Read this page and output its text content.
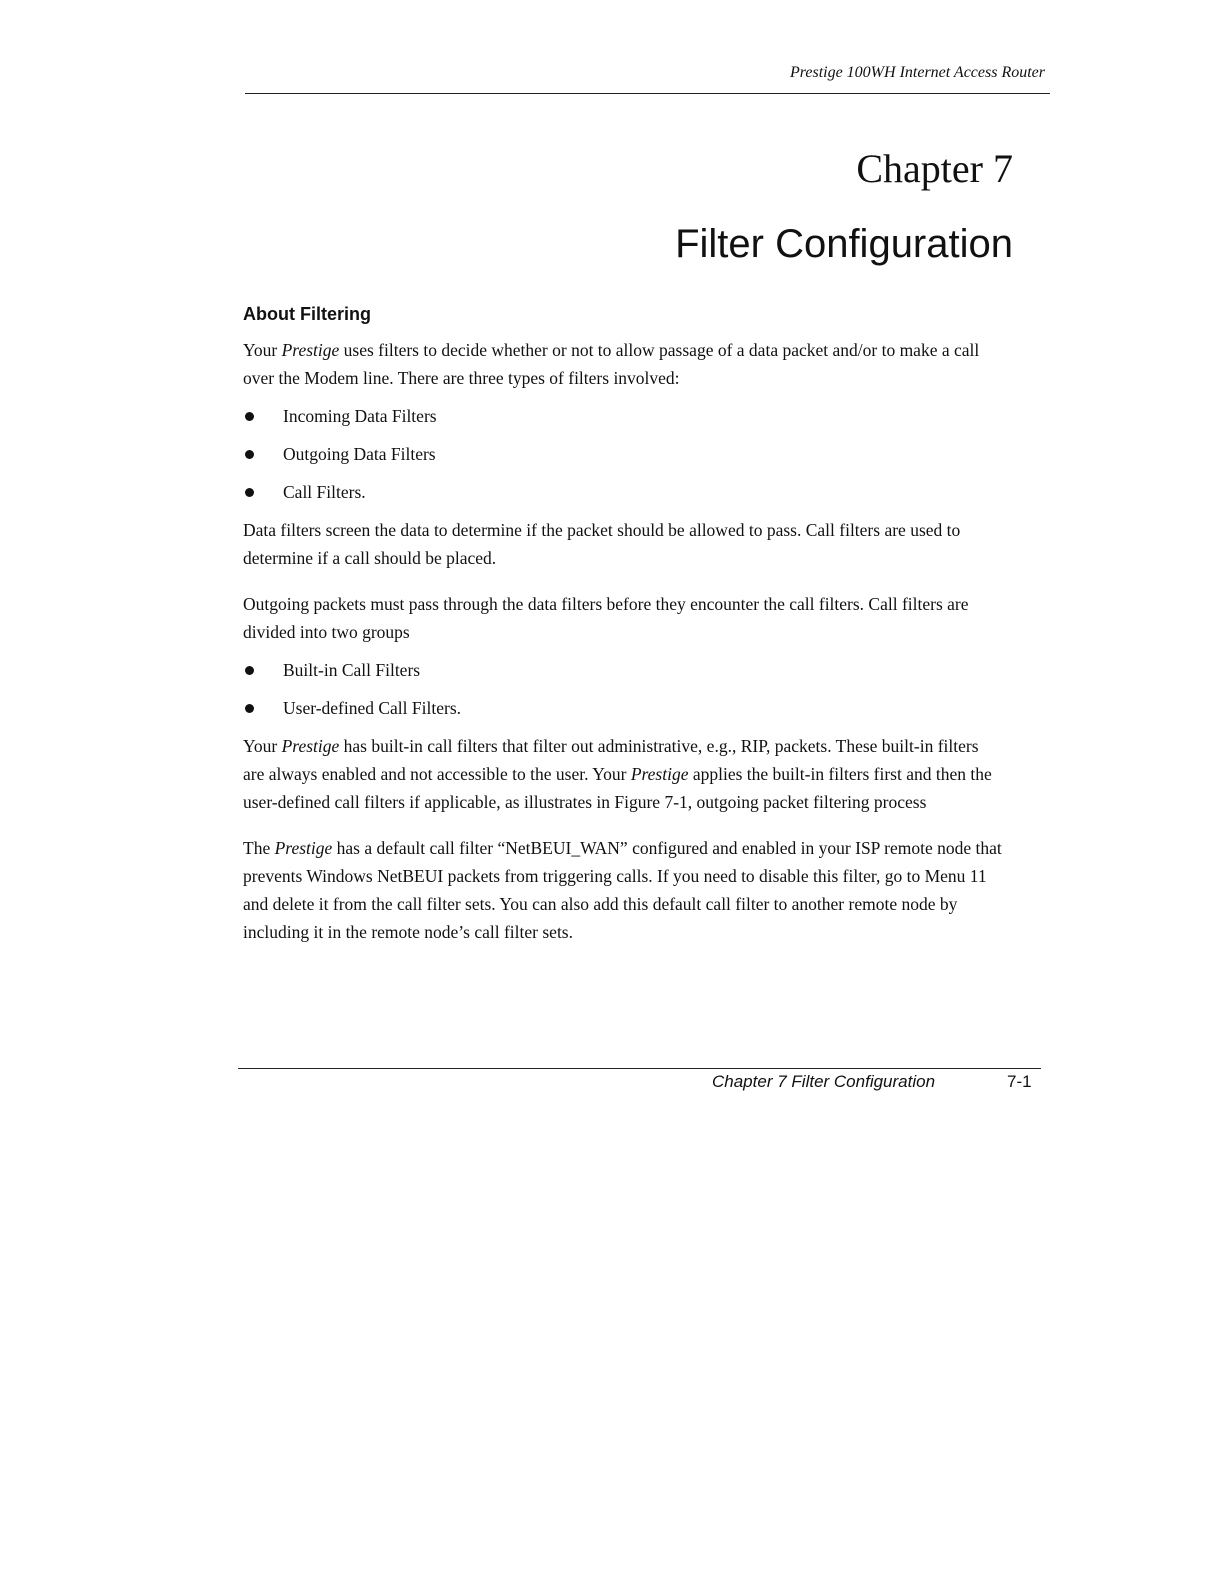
Prestige 100WH Internet Access Router
Chapter 7
Filter Configuration
About Filtering

Your Prestige uses filters to decide whether or not to allow passage of a data packet and/or to make a call over the Modem line. There are three types of filters involved:

Incoming Data Filters
Outgoing Data Filters
Call Filters.

Data filters screen the data to determine if the packet should be allowed to pass. Call filters are used to determine if a call should be placed.

Outgoing packets must pass through the data filters before they encounter the call filters. Call filters are divided into two groups

Built-in Call Filters
User-defined Call Filters.

Your Prestige has built-in call filters that filter out administrative, e.g., RIP, packets. These built-in filters are always enabled and not accessible to the user. Your Prestige applies the built-in filters first and then the user-defined call filters if applicable, as illustrates in Figure 7-1, outgoing packet filtering process

The Prestige has a default call filter “NetBEUI_WAN” configured and enabled in your ISP remote node that prevents Windows NetBEUI packets from triggering calls. If you need to disable this filter, go to Menu 11 and delete it from the call filter sets. You can also add this default call filter to another remote node by including it in the remote node’s call filter sets.

Chapter 7 Filter Configuration	7-1
